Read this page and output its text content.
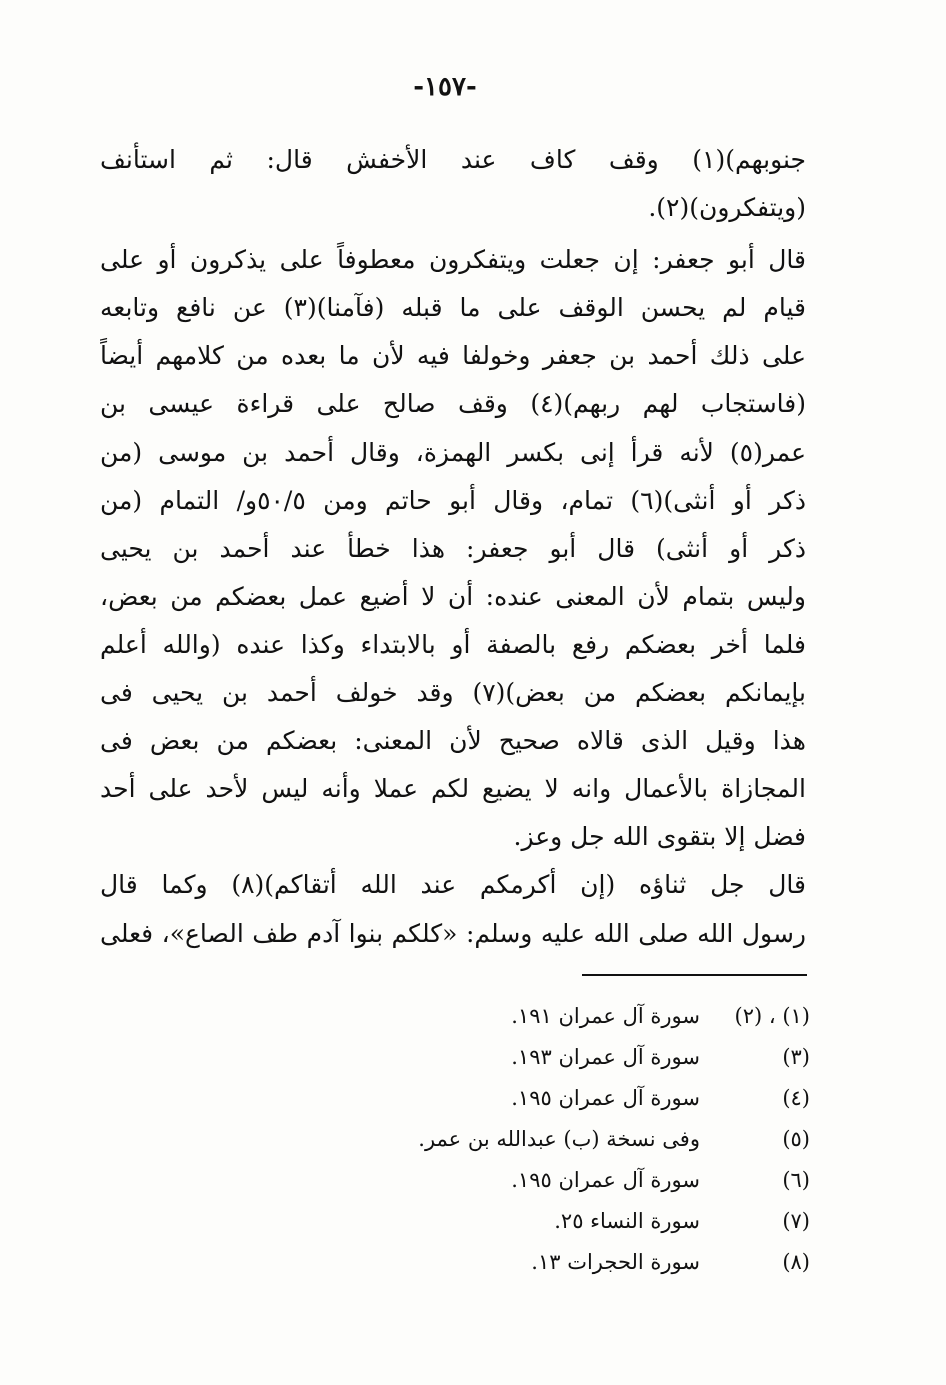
-١٥٧-
جنوبهم)(١) وقف كاف عند الأخفش قال: ثم استأنف
(ويتفكرون)(٢).
قال أبو جعفر: إن جعلت ويتفكرون معطوفاً على يذكرون أو على
قيام لم يحسن الوقف على ما قبله (فآمنا)(٣) عن نافع وتابعه
على ذلك أحمد بن جعفر وخولفا فيه لأن ما بعده من كلامهم أيضاً
(فاستجاب لهم ربهم)(٤) وقف صالح على قراءة عيسى بن
عمر(٥) لأنه قرأ إنى بكسر الهمزة، وقال أحمد بن موسى (من
ذكر أو أنثى)(٦) تمام، وقال أبو حاتم ومن ٥٠/٥و/ التمام (من
ذكر أو أنثى) قال أبو جعفر: هذا خطأ عند أحمد بن يحيى
وليس بتمام لأن المعنى عنده: أن لا أضيع عمل بعضكم من بعض،
فلما أخر بعضكم رفع بالصفة أو بالابتداء وكذا عنده (والله أعلم
بإيمانكم بعضكم من بعض)(٧) وقد خولف أحمد بن يحيى فى
هذا وقيل الذى قالاه صحيح لأن المعنى: بعضكم من بعض فى
المجازاة بالأعمال وانه لا يضيع لكم عملا وأنه ليس لأحد على أحد
فضل إلا بتقوى الله جل وعز.
قال جل ثناؤه (إن أكرمكم عند الله أتقاكم)(٨) وكما قال
رسول الله صلى الله عليه وسلم: «كلكم بنوا آدم طف الصاع»، فعلى
(١) ، (٢)
سورة آل عمران ١٩١.
(٣)
سورة آل عمران ١٩٣.
(٤)
سورة آل عمران ١٩٥.
(٥)
وفى نسخة (ب) عبدالله بن عمر.
(٦)
سورة آل عمران ١٩٥.
(٧)
سورة النساء ٢٥.
(٨)
سورة الحجرات ١٣.
